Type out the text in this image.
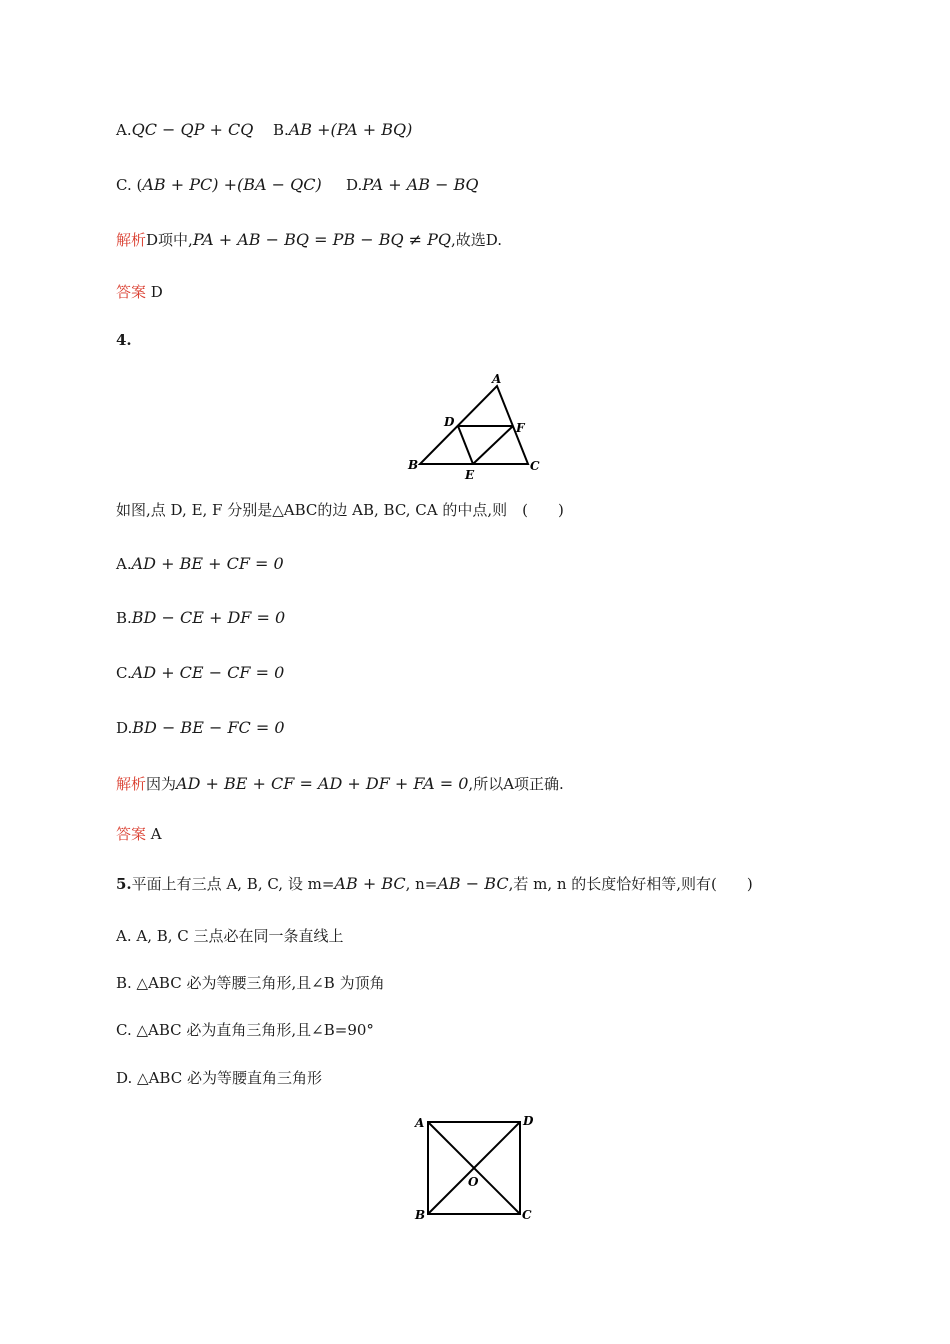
A.QC − QP + CQ B.AB +(PA + BQ)
C. (AB + PC) +(BA − QC) D.PA + AB − BQ
解析D项中,PA + AB − BQ = PB − BQ ≠ PQ,故选D.
答案 D
4.
A
B	C
D
E
F
如图,点 D, E, F 分别是△ABC的边 AB, BC, CA 的中点,则　(　　)
A.AD + BE + CF = 0
B.BD − CE + DF = 0
C.AD + CE − CF = 0
D.BD − BE − FC = 0
解析因为AD + BE + CF = AD + DF + FA = 0,所以A项正确.
答案 A
5.平面上有三点 A, B, C, 设 m=AB + BC, n=AB − BC,若 m, n 的长度恰好相等,则有(　　)
A. A, B, C 三点必在同一条直线上
B. △ABC 必为等腰三角形,且∠B 为顶角
C. △ABC 必为直角三角形,且∠B=90°
D. △ABC 必为等腰直角三角形
A
B	C
D
O
